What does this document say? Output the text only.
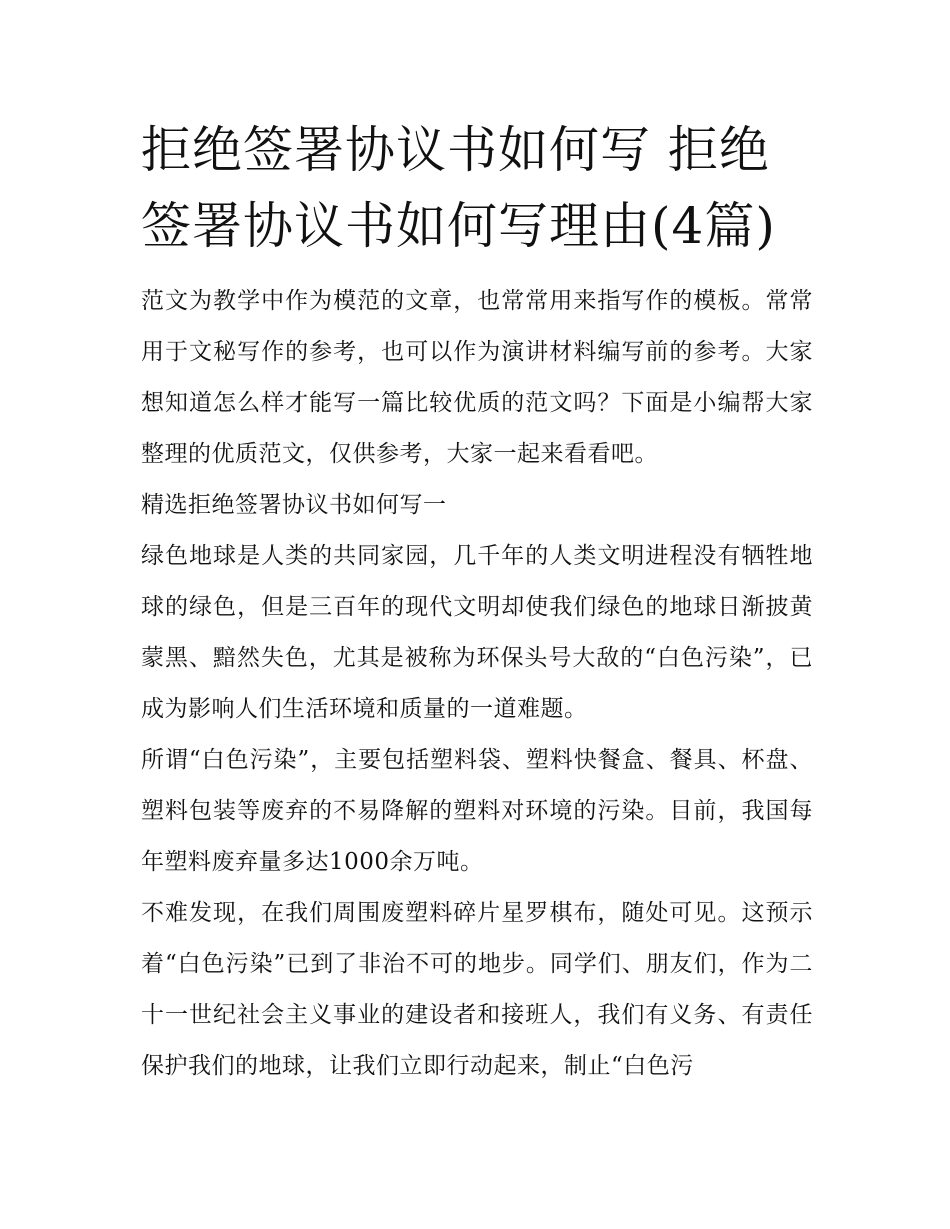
拒绝签署协议书如何写 拒绝签署协议书如何写理由(4篇)

范文为教学中作为模范的文章，也常常用来指写作的模板。常常用于文秘写作的参考，也可以作为演讲材料编写前的参考。大家想知道怎么样才能写一篇比较优质的范文吗？下面是小编帮大家整理的优质范文，仅供参考，大家一起来看看吧。

精选拒绝签署协议书如何写一

绿色地球是人类的共同家园，几千年的人类文明进程没有牺牲地球的绿色，但是三百年的现代文明却使我们绿色的地球日渐披黄蒙黑、黯然失色，尤其是被称为环保头号大敌的“白色污染”，已成为影响人们生活环境和质量的一道难题。

所谓“白色污染”，主要包括塑料袋、塑料快餐盒、餐具、杯盘、塑料包装等废弃的不易降解的塑料对环境的污染。目前，我国每年塑料废弃量多达1000余万吨。

不难发现，在我们周围废塑料碎片星罗棋布，随处可见。这预示着“白色污染”已到了非治不可的地步。同学们、朋友们，作为二十一世纪社会主义事业的建设者和接班人，我们有义务、有责任保护我们的地球，让我们立即行动起来，制止“白色污
